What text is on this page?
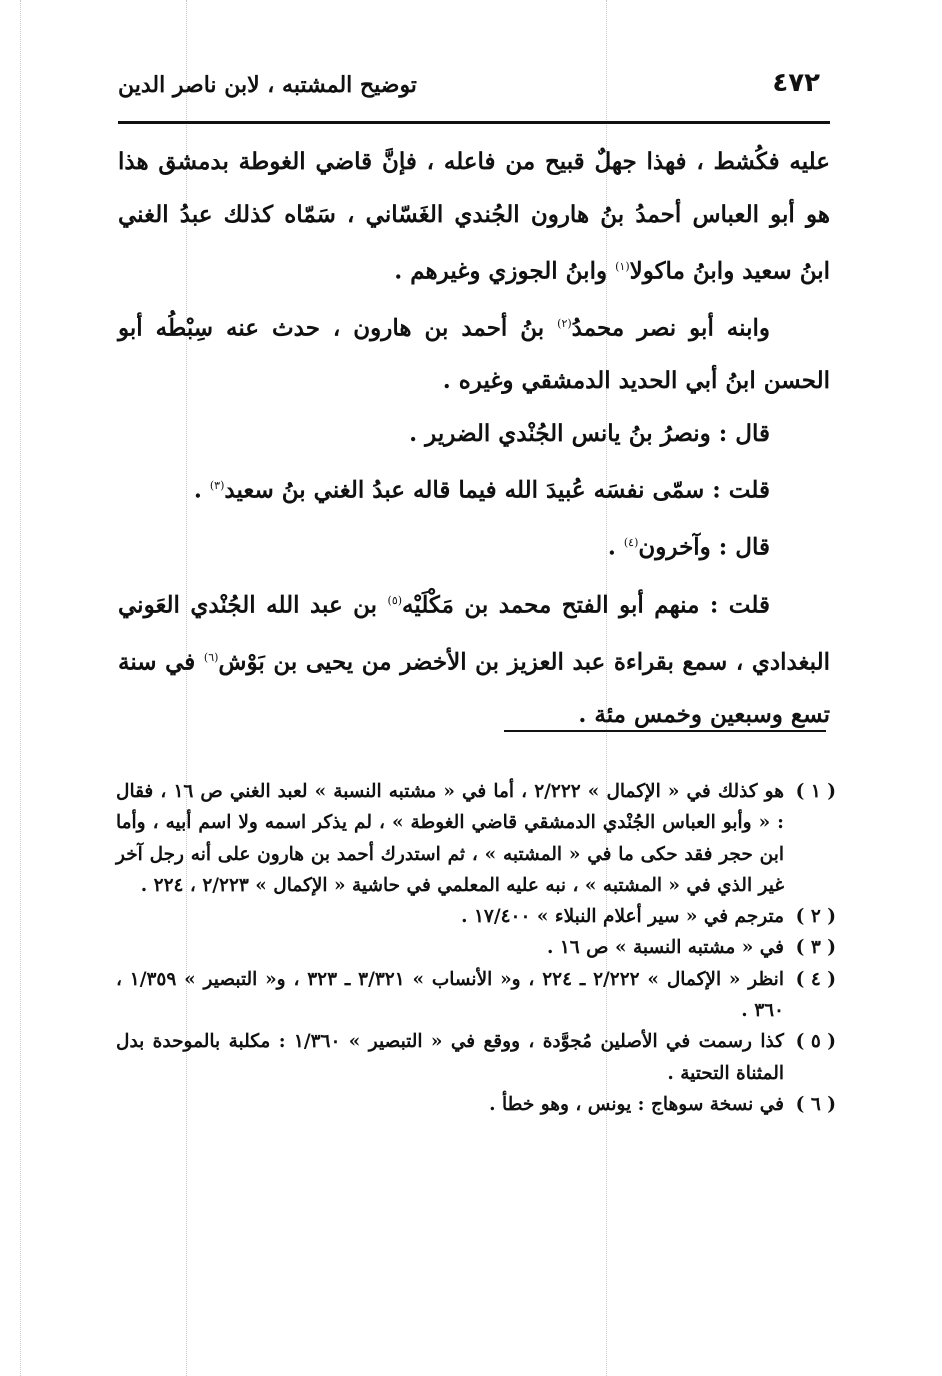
٤٧٢
توضيح المشتبه ، لابن ناصر الدين

عليه فكُشط ، فهذا جهلٌ قبيح من فاعله ، فإنَّ قاضي الغوطة بدمشق هذا هو أبو العباس أحمدُ بنُ هارون الجُندي الغَسّاني ، سَمّاه كذلك عبدُ الغني ابنُ سعيد وابنُ ماكولا$^{(١)}$ وابنُ الجوزي وغيرهم .

وابنه أبو نصر محمدُ$^{(٢)}$ بنُ أحمد بن هارون ، حدث عنه سِبْطُه أبو الحسن ابنُ أبي الحديد الدمشقي وغيره .

قال : ونصرُ بنُ يانس الجُنْدي الضرير .

قلت : سمّى نفسَه عُبيدَ الله فيما قاله عبدُ الغني بنُ سعيد$^{(٣)}$ .

قال : وآخرون$^{(٤)}$ .

قلت : منهم أبو الفتح محمد بن مَكْلَيْه$^{(٥)}$ بن عبد الله الجُنْدي العَوني البغدادي ، سمع بقراءة عبد العزيز بن الأخضر من يحيى بن بَوْش$^{(٦)}$ في سنة تسع وسبعين وخمس مئة .

( ١ )
هو كذلك في « الإكمال » ٢/٢٢٢ ، أما في « مشتبه النسبة » لعبد الغني ص ١٦ ، فقال : « وأبو العباس الجُنْدي الدمشقي قاضي الغوطة » ، لم يذكر اسمه ولا اسم أبيه ، وأما ابن حجر فقد حكى ما في « المشتبه » ، ثم استدرك أحمد بن هارون على أنه رجل آخر غير الذي في « المشتبه » ، نبه عليه المعلمي في حاشية « الإكمال » ٢/٢٢٣ ، ٢٢٤ .

( ٢ )
مترجم في « سير أعلام النبلاء » ١٧/٤٠٠ .

( ٣ )
في « مشتبه النسبة » ص ١٦ .

( ٤ )
انظر « الإكمال » ٢/٢٢٢ ـ ٢٢٤ ، و« الأنساب » ٣/٣٢١ ـ ٣٢٣ ، و« التبصير » ١/٣٥٩ ، ٣٦٠ .

( ٥ )
كذا رسمت في الأصلين مُجوَّدة ، ووقع في « التبصير » ١/٣٦٠ : مكلبة بالموحدة بدل المثناة التحتية .

( ٦ )
في نسخة سوهاج : يونس ، وهو خطأ .
